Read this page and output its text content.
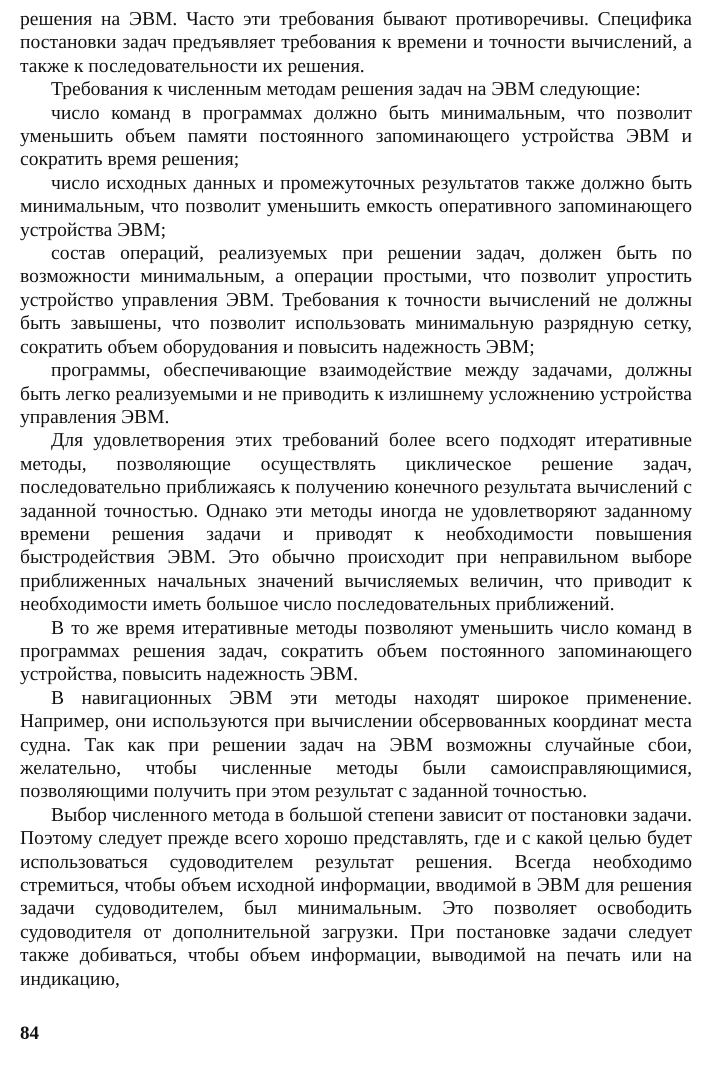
решения на ЭВМ. Часто эти требования бывают противоречивы. Специфика постановки задач предъявляет требования к времени и точности вычислений, а также к последовательности их решения.

Требования к численным методам решения задач на ЭВМ следующие:

число команд в программах должно быть минимальным, что позволит уменьшить объем памяти постоянного запоминающего устройства ЭВМ и сократить время решения;

число исходных данных и промежуточных результатов также должно быть минимальным, что позволит уменьшить емкость оперативного запоминающего устройства ЭВМ;

состав операций, реализуемых при решении задач, должен быть по возможности минимальным, а операции простыми, что позволит упростить устройство управления ЭВМ. Требования к точности вычислений не должны быть завышены, что позволит использовать минимальную разрядную сетку, сократить объем оборудования и повысить надежность ЭВМ;

программы, обеспечивающие взаимодействие между задачами, должны быть легко реализуемыми и не приводить к излишнему усложнению устройства управления ЭВМ.

Для удовлетворения этих требований более всего подходят итеративные методы, позволяющие осуществлять циклическое решение задач, последовательно приближаясь к получению конечного результата вычислений с заданной точностью. Однако эти методы иногда не удовлетворяют заданному времени решения задачи и приводят к необходимости повышения быстродействия ЭВМ. Это обычно происходит при неправильном выборе приближенных начальных значений вычисляемых величин, что приводит к необходимости иметь большое число последовательных приближений.

В то же время итеративные методы позволяют уменьшить число команд в программах решения задач, сократить объем постоянного запоминающего устройства, повысить надежность ЭВМ.

В навигационных ЭВМ эти методы находят широкое применение. Например, они используются при вычислении обсервованных координат места судна. Так как при решении задач на ЭВМ возможны случайные сбои, желательно, чтобы численные методы были самоисправляющимися, позволяющими получить при этом результат с заданной точностью.

Выбор численного метода в большой степени зависит от постановки задачи. Поэтому следует прежде всего хорошо представлять, где и с какой целью будет использоваться судоводителем результат решения. Всегда необходимо стремиться, чтобы объем исходной информации, вводимой в ЭВМ для решения задачи судоводителем, был минимальным. Это позволяет освободить судоводителя от дополнительной загрузки. При постановке задачи следует также добиваться, чтобы объем информации, выводимой на печать или на индикацию,

84
